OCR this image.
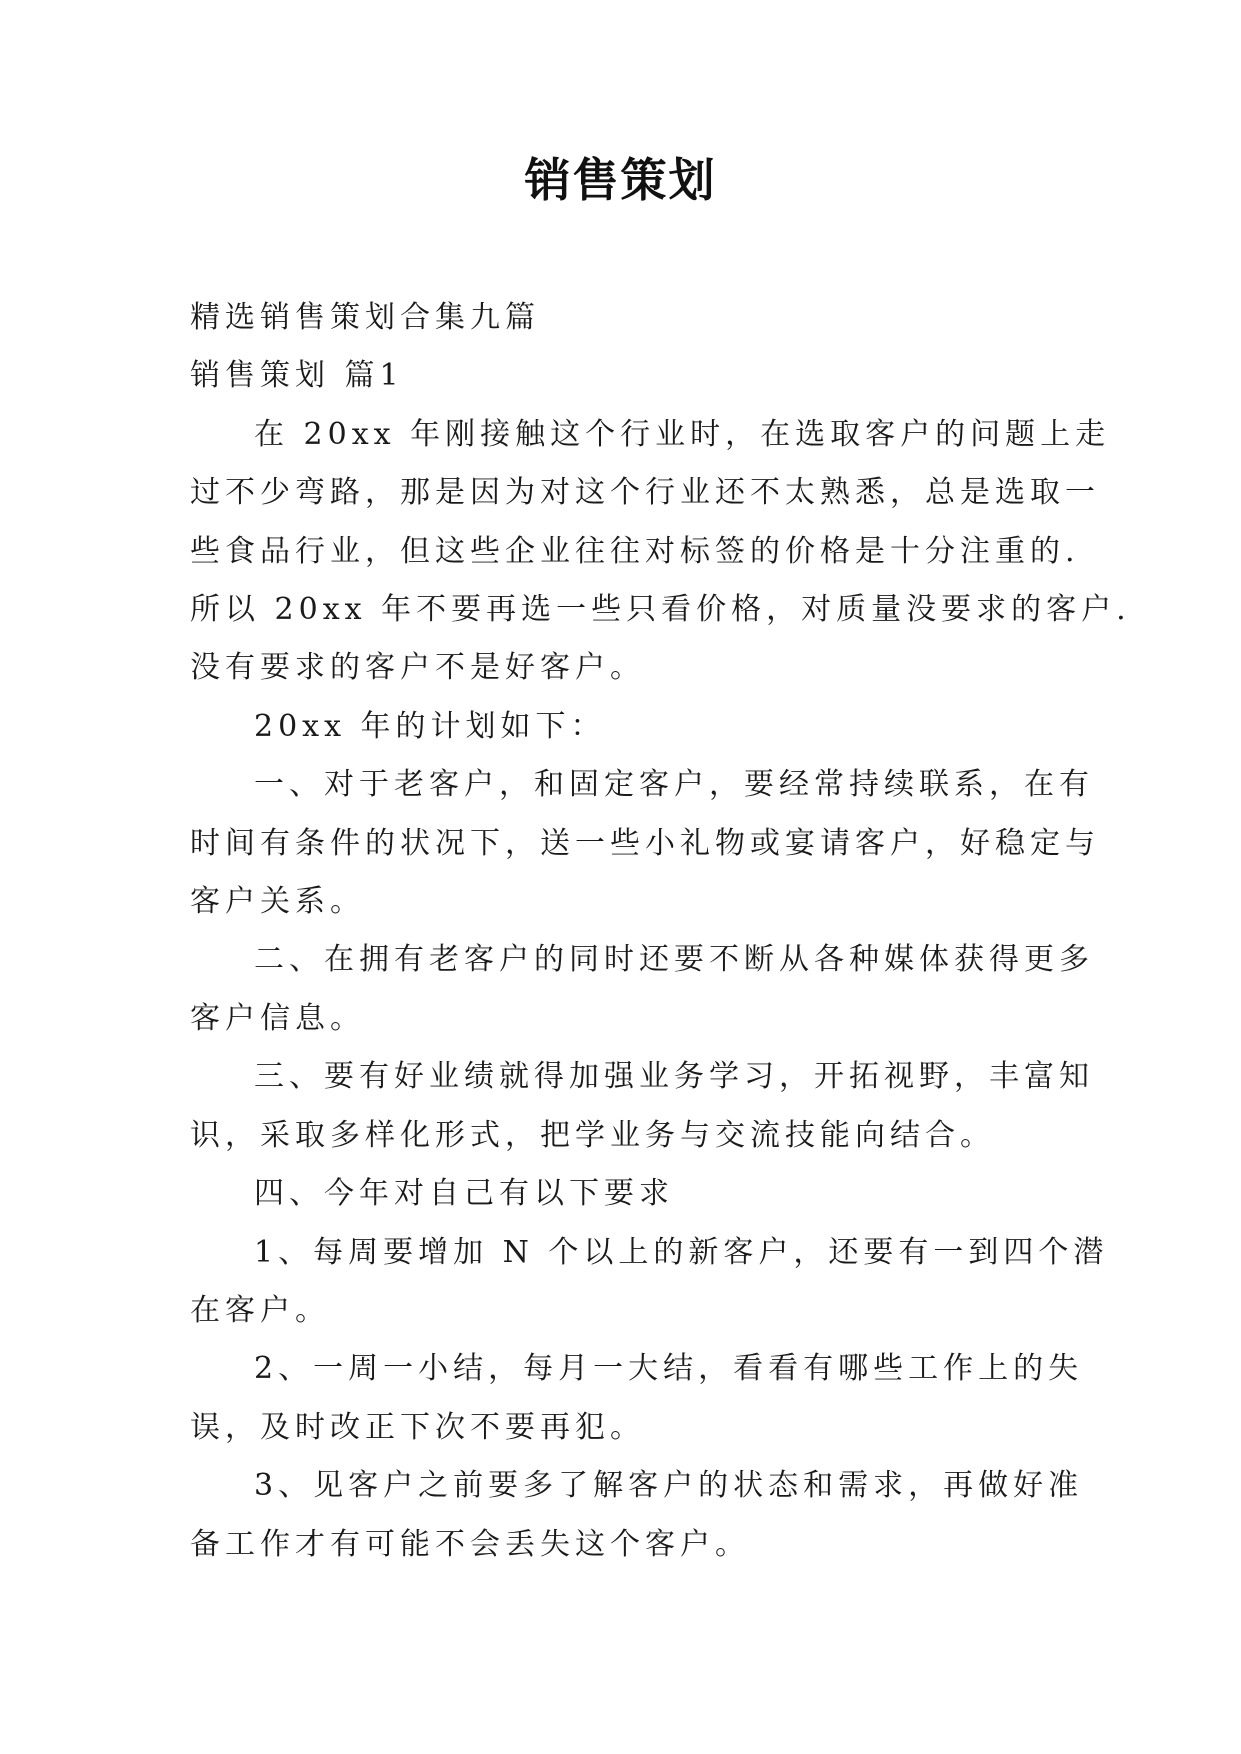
销售策划

精选销售策划合集九篇

销售策划 篇1

在 20xx 年刚接触这个行业时，在选取客户的问题上走

过不少弯路，那是因为对这个行业还不太熟悉，总是选取一

些食品行业，但这些企业往往对标签的价格是十分注重的.

所以 20xx 年不要再选一些只看价格，对质量没要求的客户.

没有要求的客户不是好客户。

20xx 年的计划如下：

一、对于老客户，和固定客户，要经常持续联系，在有

时间有条件的状况下，送一些小礼物或宴请客户，好稳定与

客户关系。

二、在拥有老客户的同时还要不断从各种媒体获得更多

客户信息。

三、要有好业绩就得加强业务学习，开拓视野，丰富知

识，采取多样化形式，把学业务与交流技能向结合。

四、今年对自己有以下要求

1、每周要增加 N 个以上的新客户，还要有一到四个潜

在客户。

2、一周一小结，每月一大结，看看有哪些工作上的失

误，及时改正下次不要再犯。

3、见客户之前要多了解客户的状态和需求，再做好准

备工作才有可能不会丢失这个客户。
